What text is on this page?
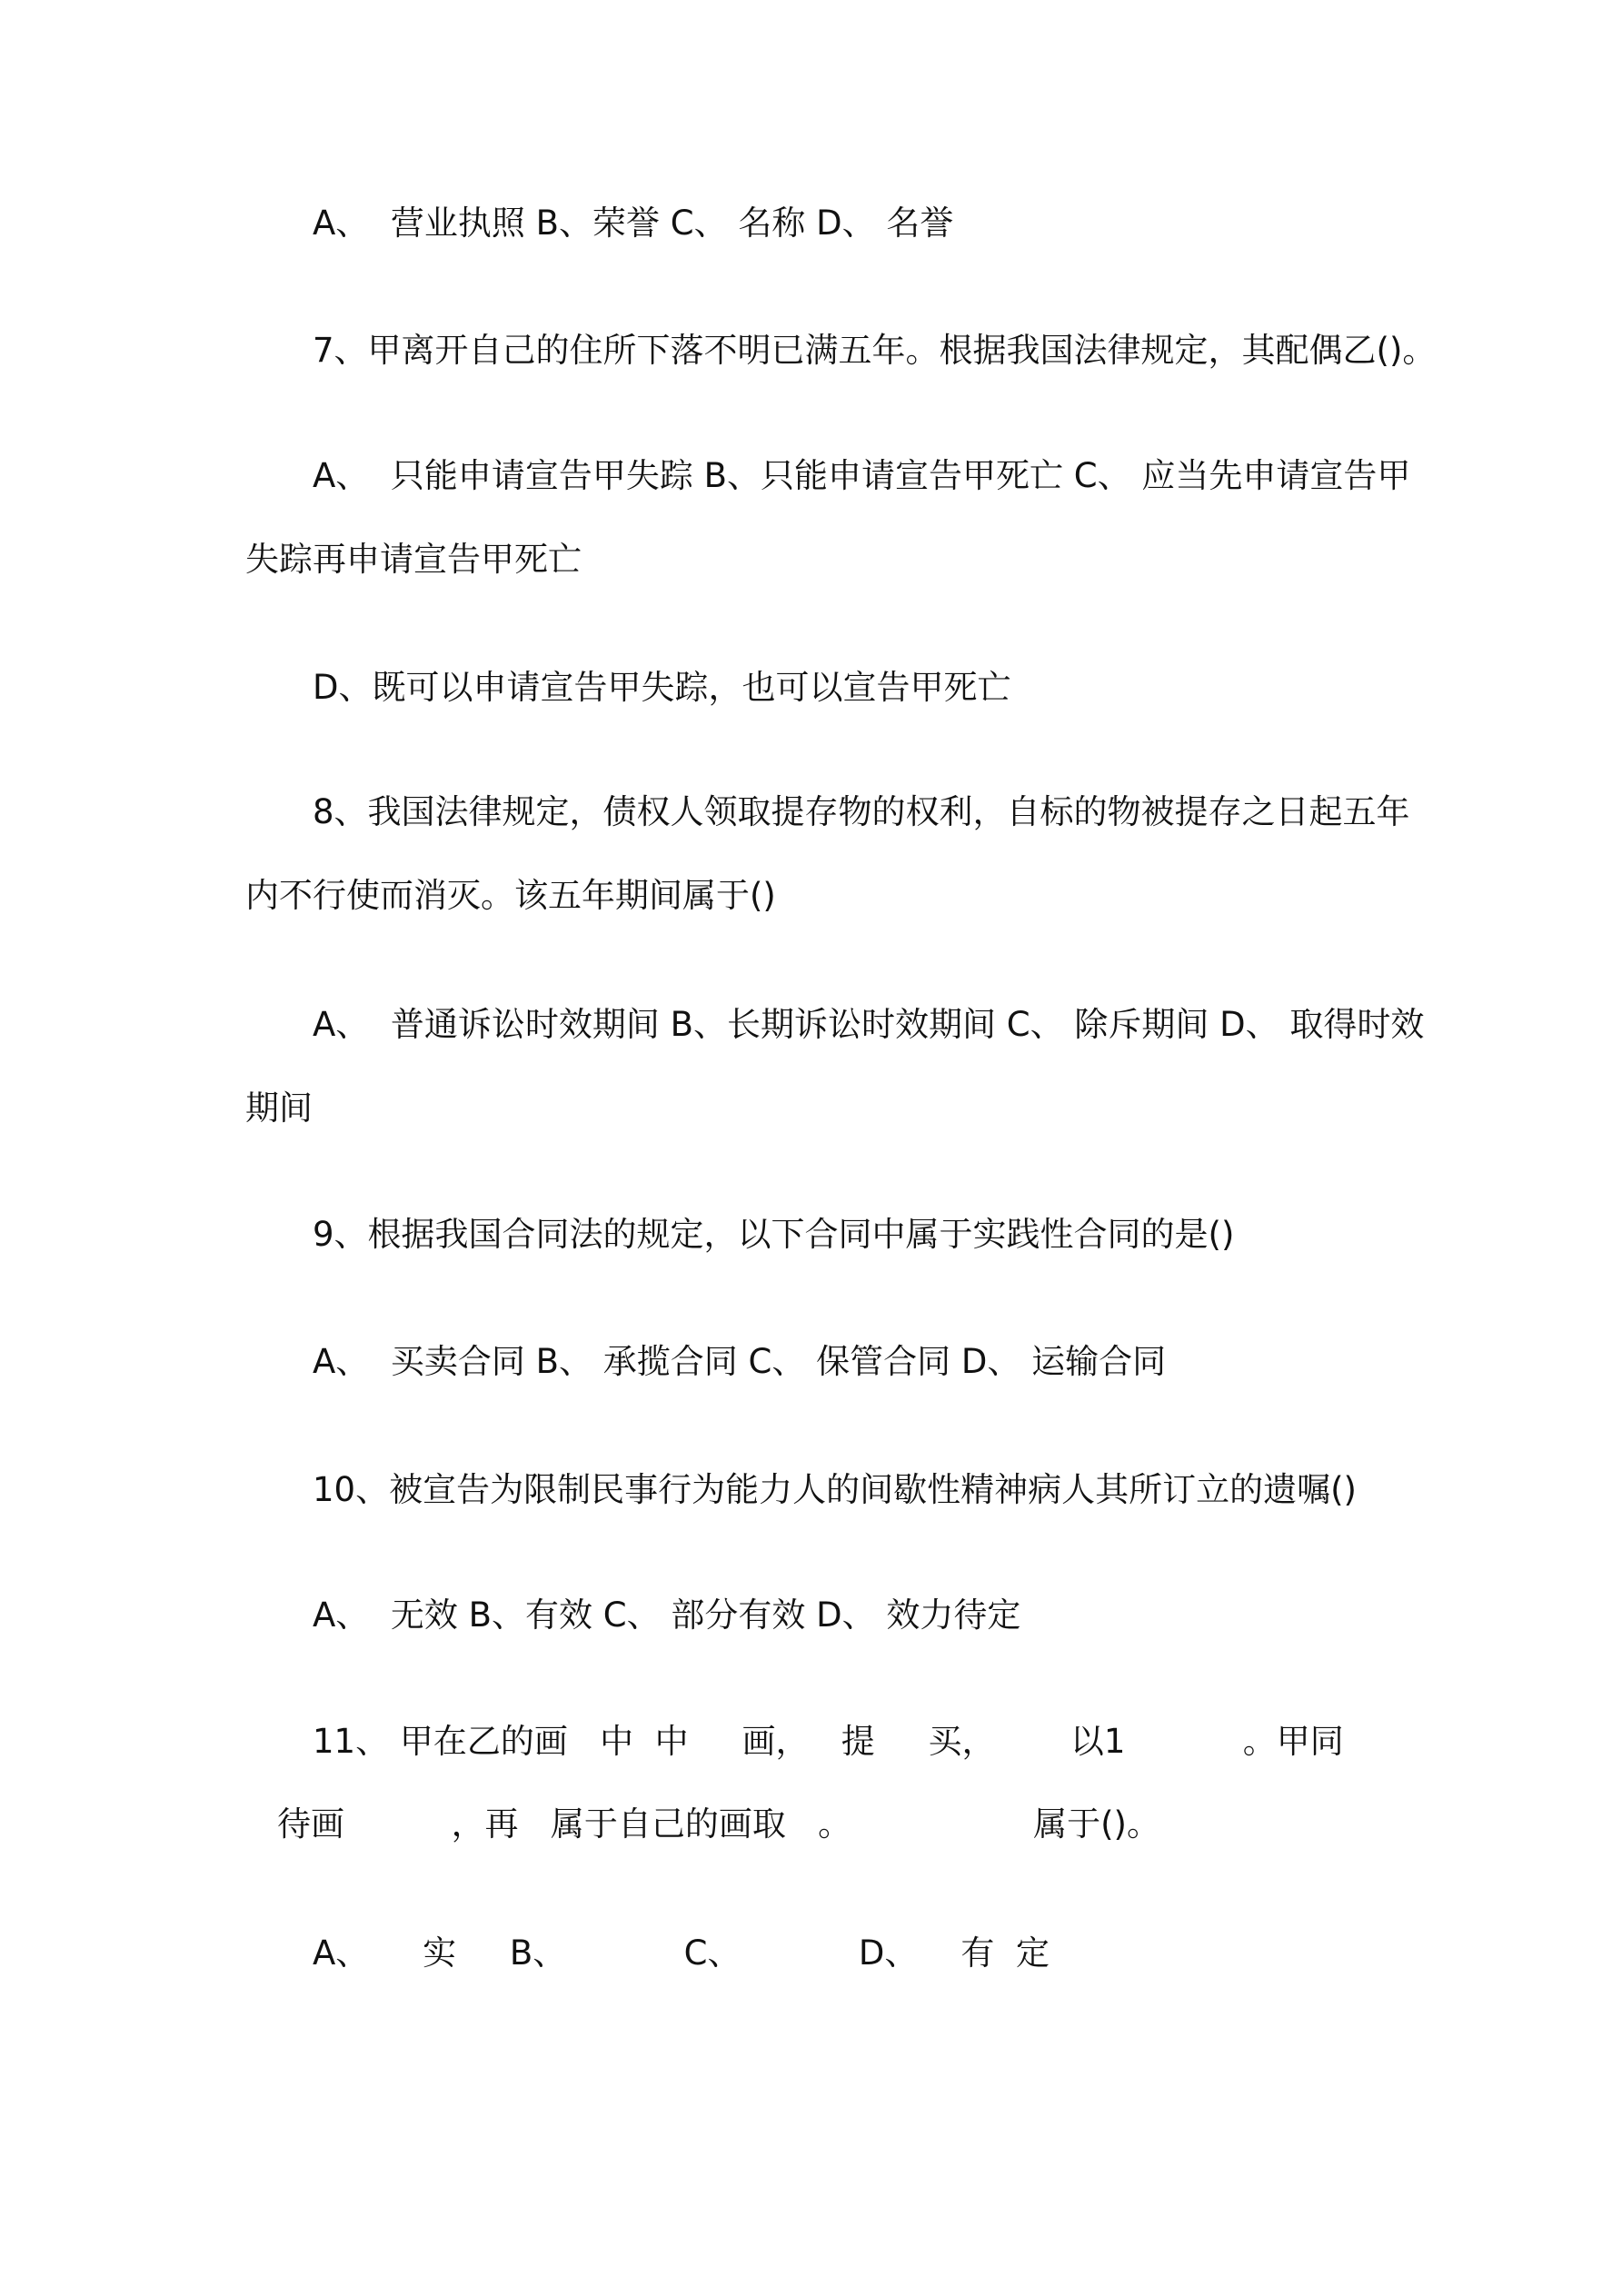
A、  营业执照 B、荣誉 C、 名称 D、 名誉
7、甲离开自己的住所下落不明已满五年。根据我国法律规定，其配偶乙()。
A、  只能申请宣告甲失踪 B、只能申请宣告甲死亡 C、 应当先申请宣告甲
失踪再申请宣告甲死亡
D、既可以申请宣告甲失踪，也可以宣告甲死亡
8、我国法律规定，债权人领取提存物的权利，自标的物被提存之日起五年
内不行使而消灭。该五年期间属于()
A、  普通诉讼时效期间 B、长期诉讼时效期间 C、 除斥期间 D、 取得时效
期间
9、根据我国合同法的规定，以下合同中属于实践性合同的是()
A、  买卖合同 B、 承揽合同 C、 保管合同 D、 运输合同
10、被宣告为限制民事行为能力人的间歇性精神病人其所订立的遗嘱()
A、  无效 B、有效 C、 部分有效 D、 效力待定
11、 甲在乙的画   中  中     画，   提     买，       以1           。甲同
待画          ，再   属于自己的画取   。                 属于()。
A、     实     B、           C、           D、    有  定
